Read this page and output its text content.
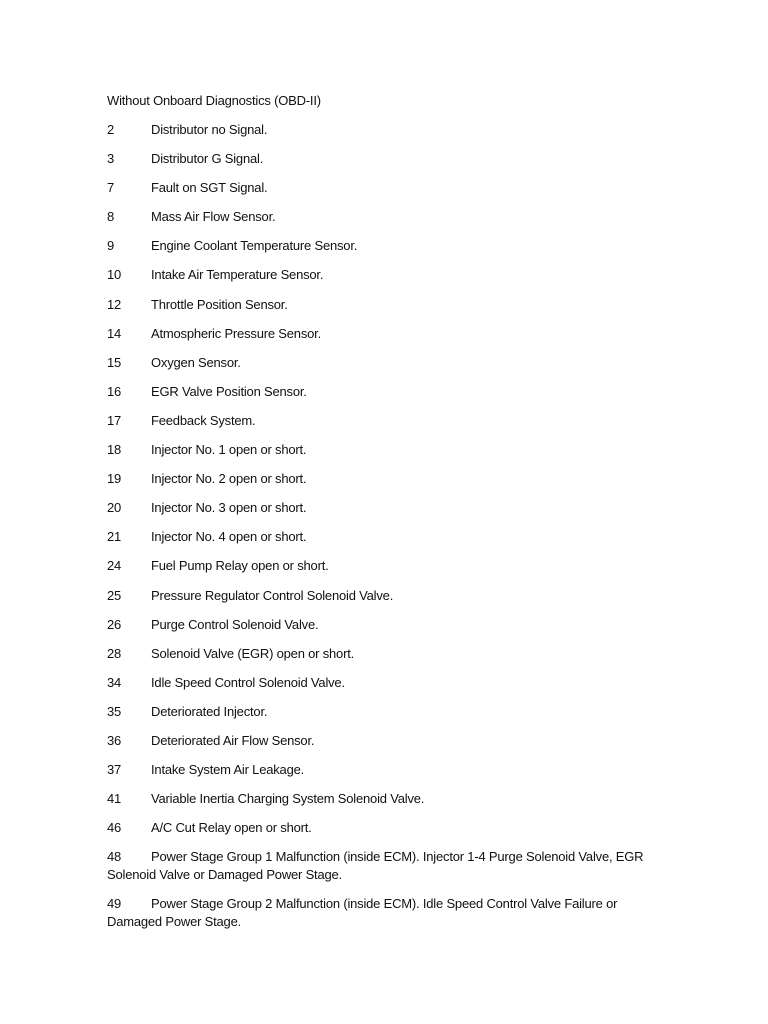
Without Onboard Diagnostics (OBD-II)
2	Distributor no Signal.
3	Distributor G Signal.
7	Fault on SGT Signal.
8	Mass Air Flow Sensor.
9	Engine Coolant Temperature Sensor.
10 Intake Air Temperature Sensor.
12 Throttle Position Sensor.
14 Atmospheric Pressure Sensor.
15 Oxygen Sensor.
16 EGR Valve Position Sensor.
17 Feedback System.
18 Injector No. 1 open or short.
19 Injector No. 2 open or short.
20 Injector No. 3 open or short.
21 Injector No. 4 open or short.
24 Fuel Pump Relay open or short.
25 Pressure Regulator Control Solenoid Valve.
26 Purge Control Solenoid Valve.
28 Solenoid Valve (EGR) open or short.
34 Idle Speed Control Solenoid Valve.
35 Deteriorated Injector.
36 Deteriorated Air Flow Sensor.
37 Intake System Air Leakage.
41 Variable Inertia Charging System Solenoid Valve.
46 A/C Cut Relay open or short.
48 Power Stage Group 1 Malfunction (inside ECM). Injector 1-4 Purge Solenoid Valve, EGR Solenoid Valve or Damaged Power Stage.
49 Power Stage Group 2 Malfunction (inside ECM). Idle Speed Control Valve Failure or Damaged Power Stage.
